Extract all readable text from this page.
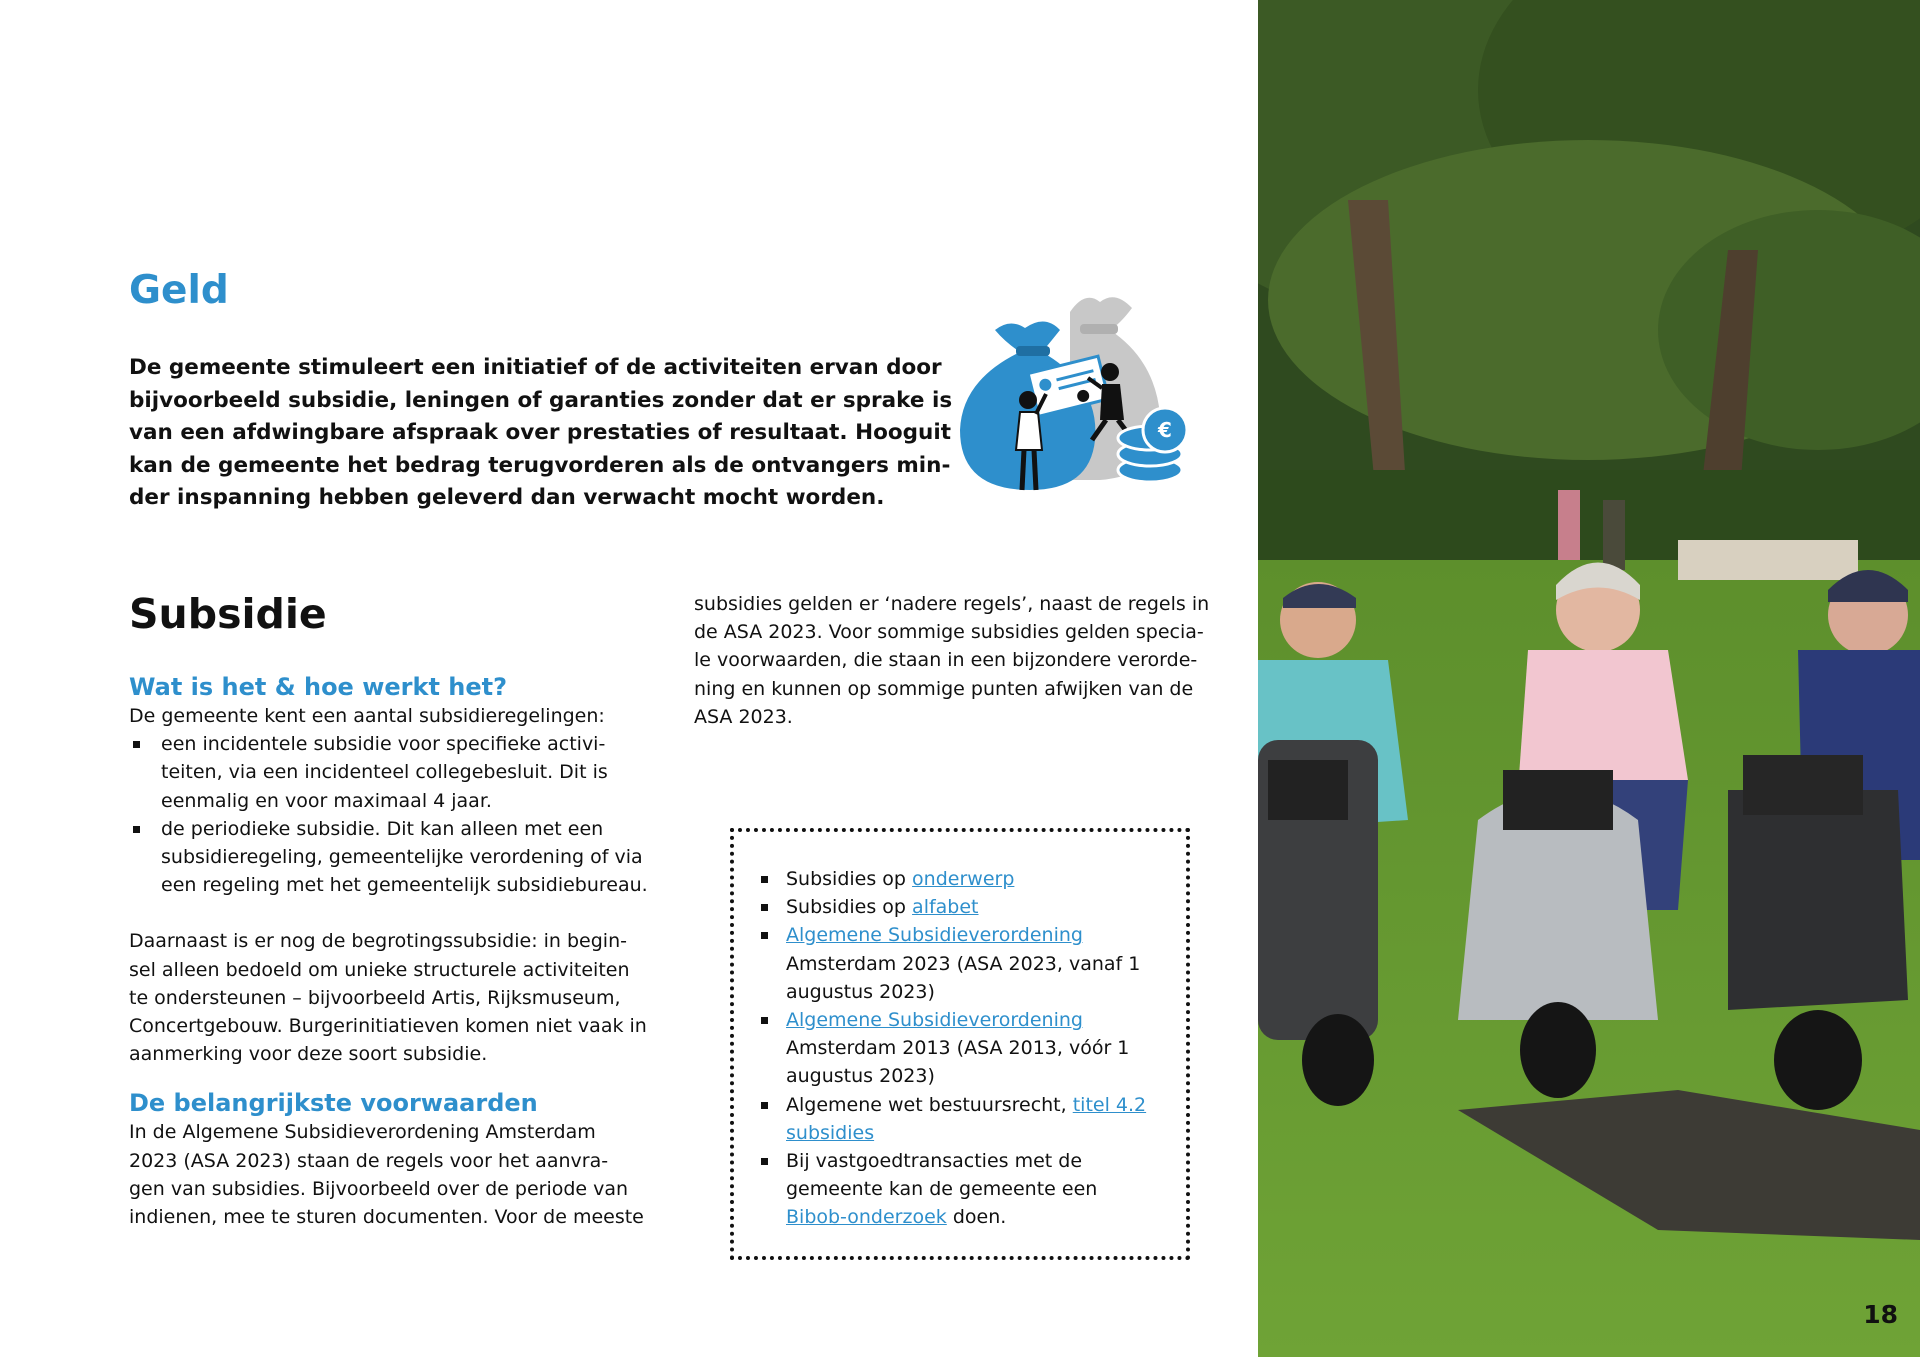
Geld
De gemeente stimuleert een initiatief of de activiteiten ervan door
bijvoorbeeld subsidie, leningen of garanties zonder dat er sprake is
van een afdwingbare afspraak over prestaties of resultaat. Hooguit
kan de gemeente het bedrag terugvorderen als de ontvangers min-
der inspanning hebben geleverd dan verwacht mocht worden.
€
Subsidie
Wat is het & hoe werkt het?

De gemeente kent een aantal subsidieregelingen:

een incidentele subsidie voor specifieke activi-
teiten, via een incidenteel collegebesluit. Dit is
eenmalig en voor maximaal 4 jaar.
de periodieke subsidie. Dit kan alleen met een
subsidieregeling, gemeentelijke verordening of via
een regeling met het gemeentelijk subsidiebureau.

Daarnaast is er nog de begrotingssubsidie: in begin-
sel alleen bedoeld om unieke structurele activiteiten
te ondersteunen – bijvoorbeeld Artis, Rijksmuseum,
Concertgebouw. Burgerinitiatieven komen niet vaak in
aanmerking voor deze soort subsidie.

De belangrijkste voorwaarden

In de Algemene Subsidieverordening Amsterdam
2023 (ASA 2023) staan de regels voor het aanvra-
gen van subsidies. Bijvoorbeeld over de periode van
indienen, mee te sturen documenten. Voor de meeste

subsidies gelden er ‘nadere regels’, naast de regels in
de ASA 2023. Voor sommige subsidies gelden specia-
le voorwaarden, die staan in een bijzondere verorde-
ning en kunnen op sommige punten afwijken van de
ASA 2023.
Subsidies op onderwerp
Subsidies op alfabet
Algemene Subsidieverordening
Amsterdam 2023 (ASA 2023, vanaf 1
augustus 2023)
Algemene Subsidieverordening
Amsterdam 2013 (ASA 2013, vóór 1
augustus 2023)
Algemene wet bestuursrecht, titel 4.2
subsidies
Bij vastgoedtransacties met de
gemeente kan de gemeente een
Bibob-onderzoek doen.
18
